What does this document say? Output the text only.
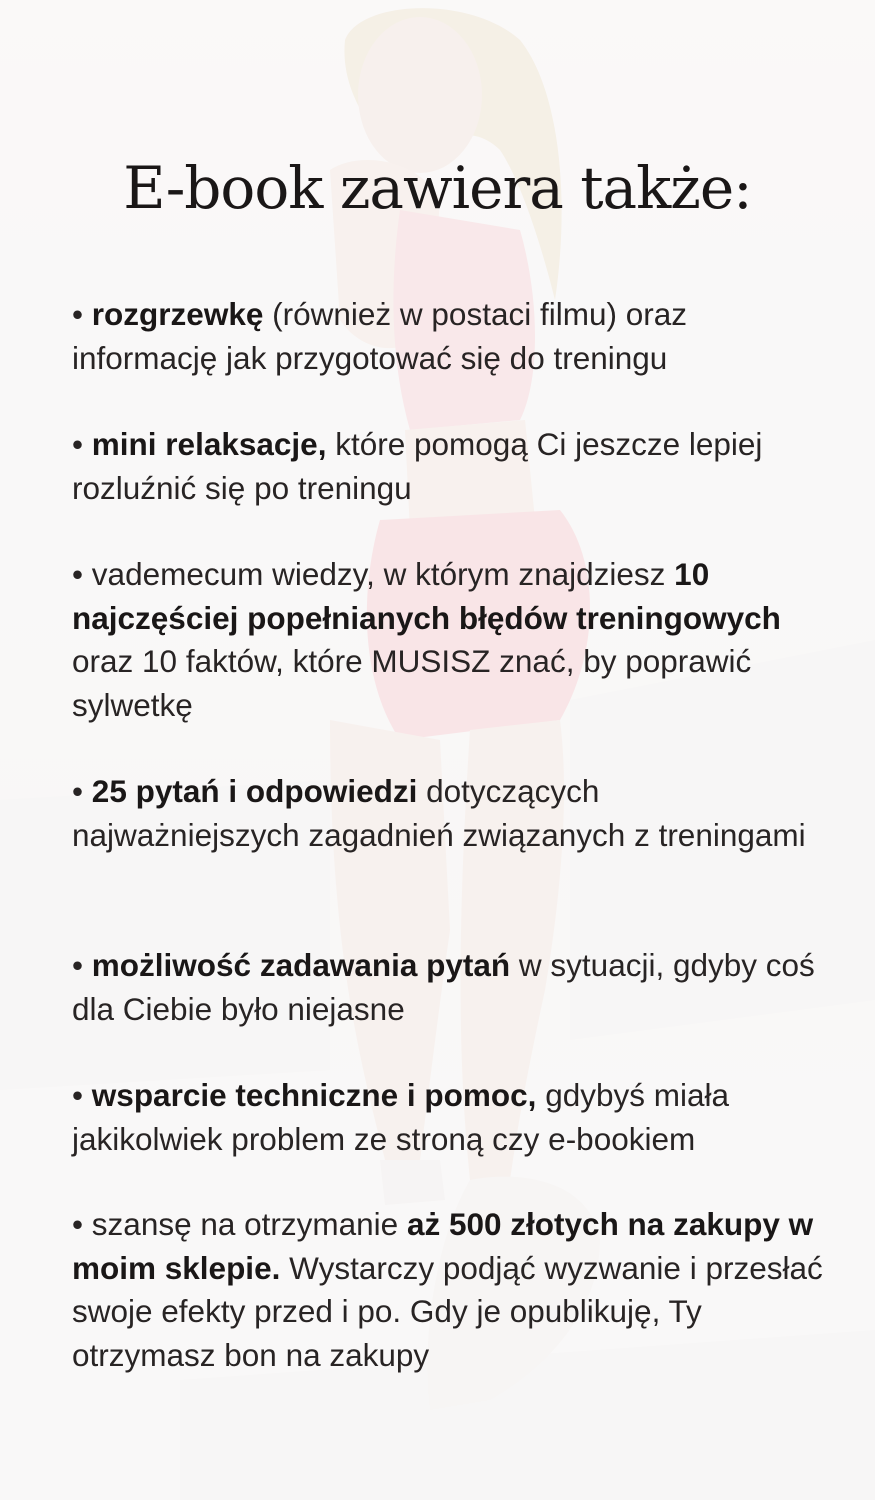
E-book zawiera także:

• rozgrzewkę (również w postaci filmu) oraz informację jak przygotować się do treningu

• mini relaksacje, które pomogą Ci jeszcze lepiej rozluźnić się po treningu

• vademecum wiedzy, w którym znajdziesz 10 najczęściej popełnianych błędów treningowych oraz 10 faktów, które MUSISZ znać, by poprawić sylwetkę

• 25 pytań i odpowiedzi dotyczących najważniejszych zagadnień związanych z treningami

• możliwość zadawania pytań w sytuacji, gdyby coś dla Ciebie było niejasne

• wsparcie techniczne i pomoc, gdybyś miała jakikolwiek problem ze stroną czy e-bookiem

• szansę na otrzymanie aż 500 złotych na zakupy w moim sklepie. Wystarczy podjąć wyzwanie i przesłać swoje efekty przed i po. Gdy je opublikuję, Ty otrzymasz bon na zakupy
